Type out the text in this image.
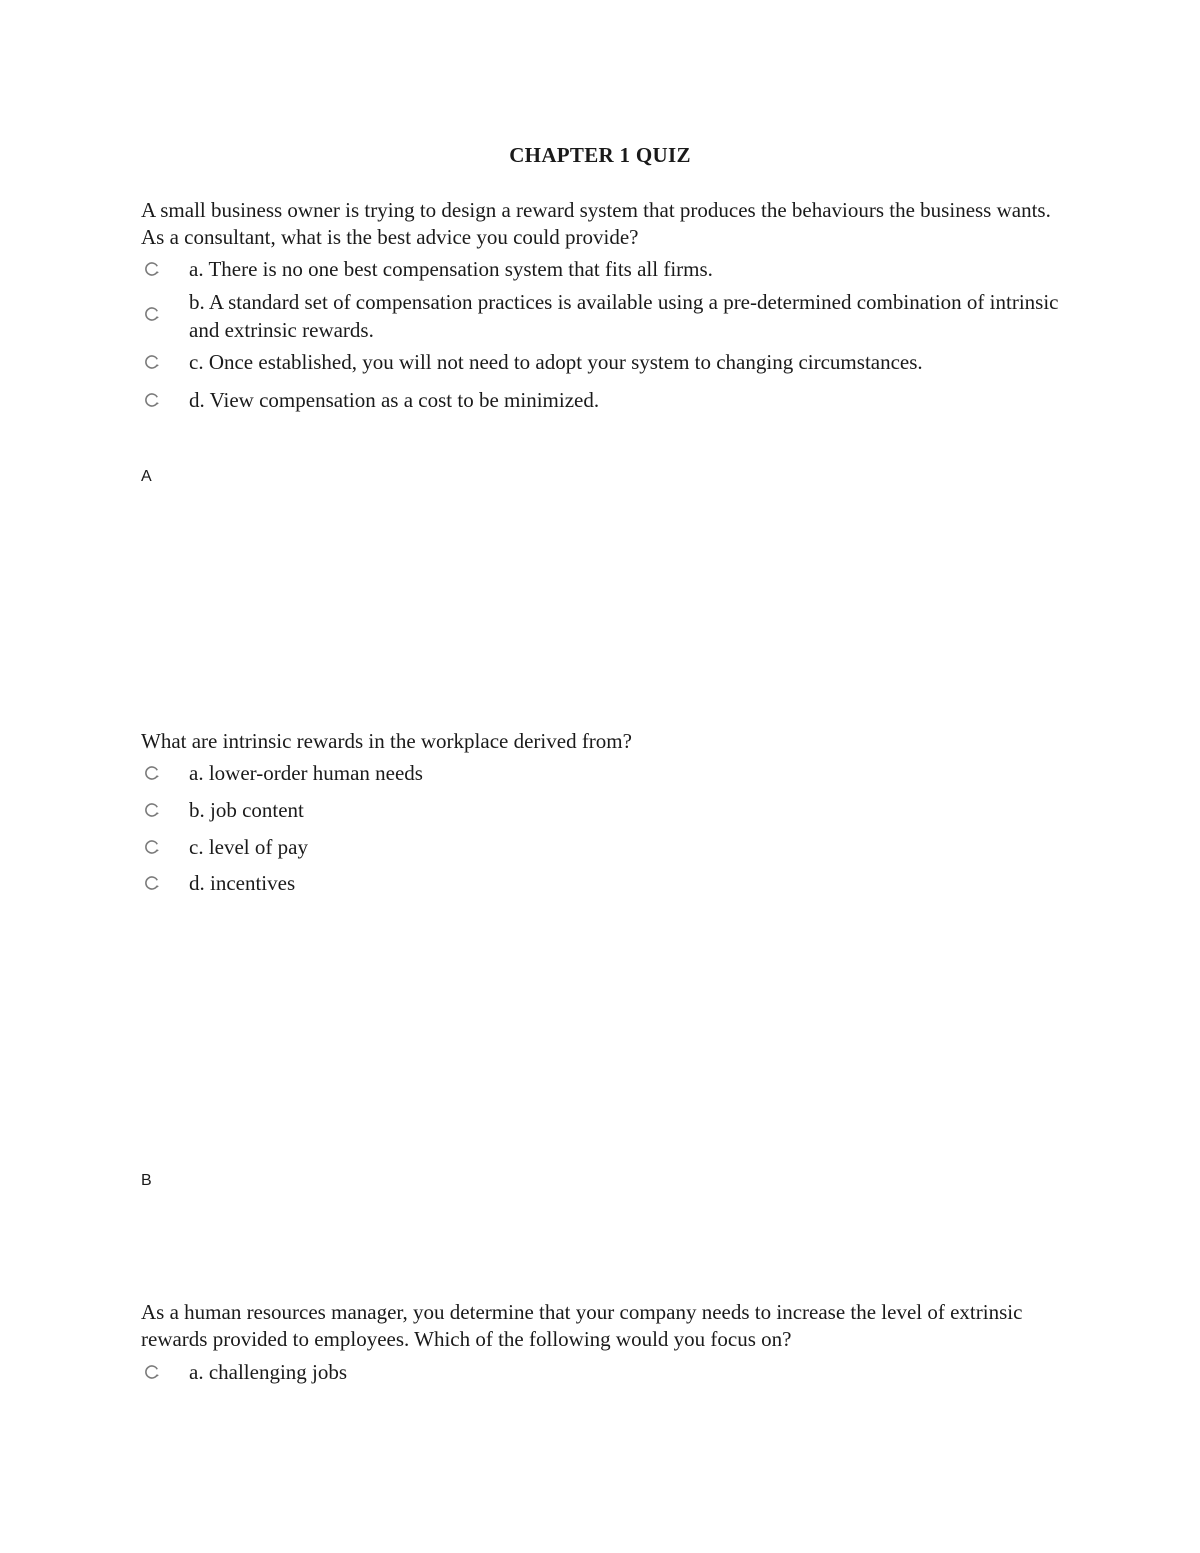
CHAPTER 1 QUIZ
A small business owner is trying to design a reward system that produces the behaviours the business wants. As a consultant, what is the best advice you could provide?
a. There is no one best compensation system that fits all firms.
b. A standard set of compensation practices is available using a pre-determined combination of intrinsic and extrinsic rewards.
c. Once established, you will not need to adopt your system to changing circumstances.
d. View compensation as a cost to be minimized.
A
What are intrinsic rewards in the workplace derived from?
a. lower-order human needs
b. job content
c. level of pay
d. incentives
B
As a human resources manager, you determine that your company needs to increase the level of extrinsic rewards provided to employees. Which of the following would you focus on?
a. challenging jobs
